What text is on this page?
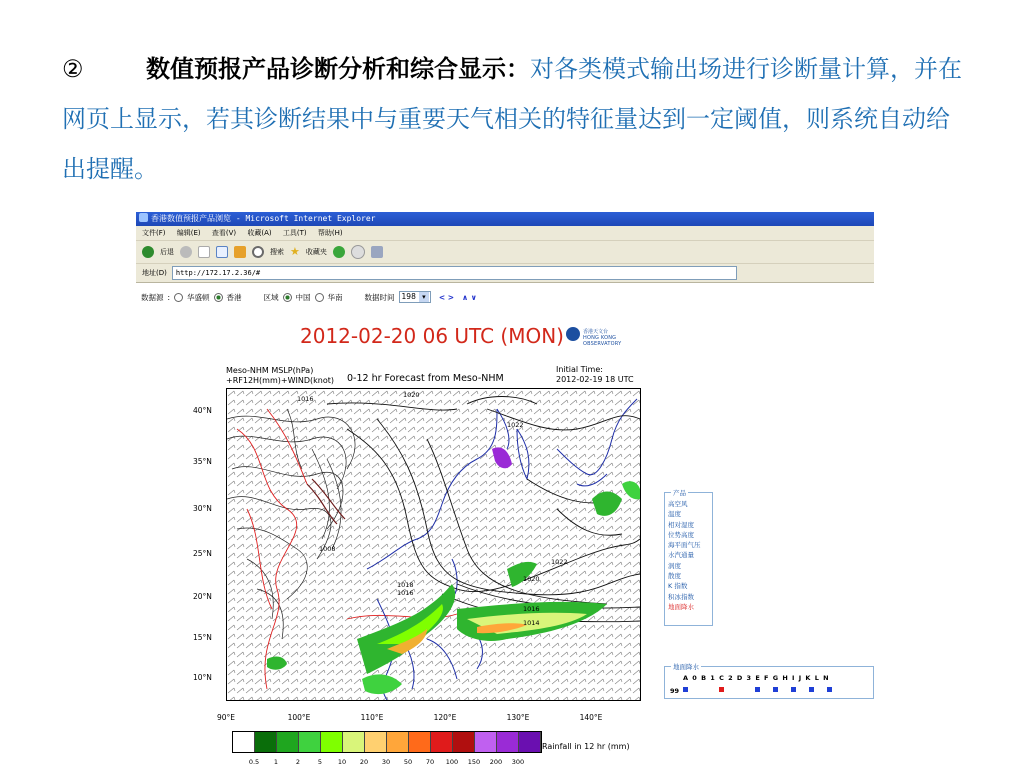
②	数值预报产品诊断分析和综合显示：对各类模式输出场进行诊断量计算，并在网页上显示，若其诊断结果中与重要天气相关的特征量达到一定阈值，则系统自动给出提醒。
香港数值预报产品浏览 - Microsoft Internet Explorer
文件(F) 编辑(E) 查看(V) 收藏(A) 工具(T) 帮助(H)
后退	搜索 ★ 收藏夹
地址(D)	http://172.17.2.36/#
数据源 : 华盛顿 香港	区域 中国 华南	数据时间 198 ▾	< > ∧ ∨
2012-02-20 06 UTC (MON)	香港天文台
HONG KONG OBSERVATORY
Meso-NHM MSLP(hPa)
+RF12H(mm)+WIND(knot) 0-12 hr Forecast from Meso-NHM
Initial Time:
2012-02-19 18 UTC
1016	1020
1022
1018
1016
1014
1022
1020
1008
1016
40°N
35°N
30°N
25°N
20°N
15°N
10°N
90°E	100°E	110°E	120°E	130°E	140°E
0.5 1	2	5 10 20 30 50 70 100 150 200 300
Rainfall in 12 hr (mm)
产品
高空风
温度
相对湿度
位势高度
海平面气压
水汽通量
涡度
散度
K 指数
积冰指数
地面降水
地面降水
A 0 B 1 C 2 D 3 E F G H I J K L N
99
